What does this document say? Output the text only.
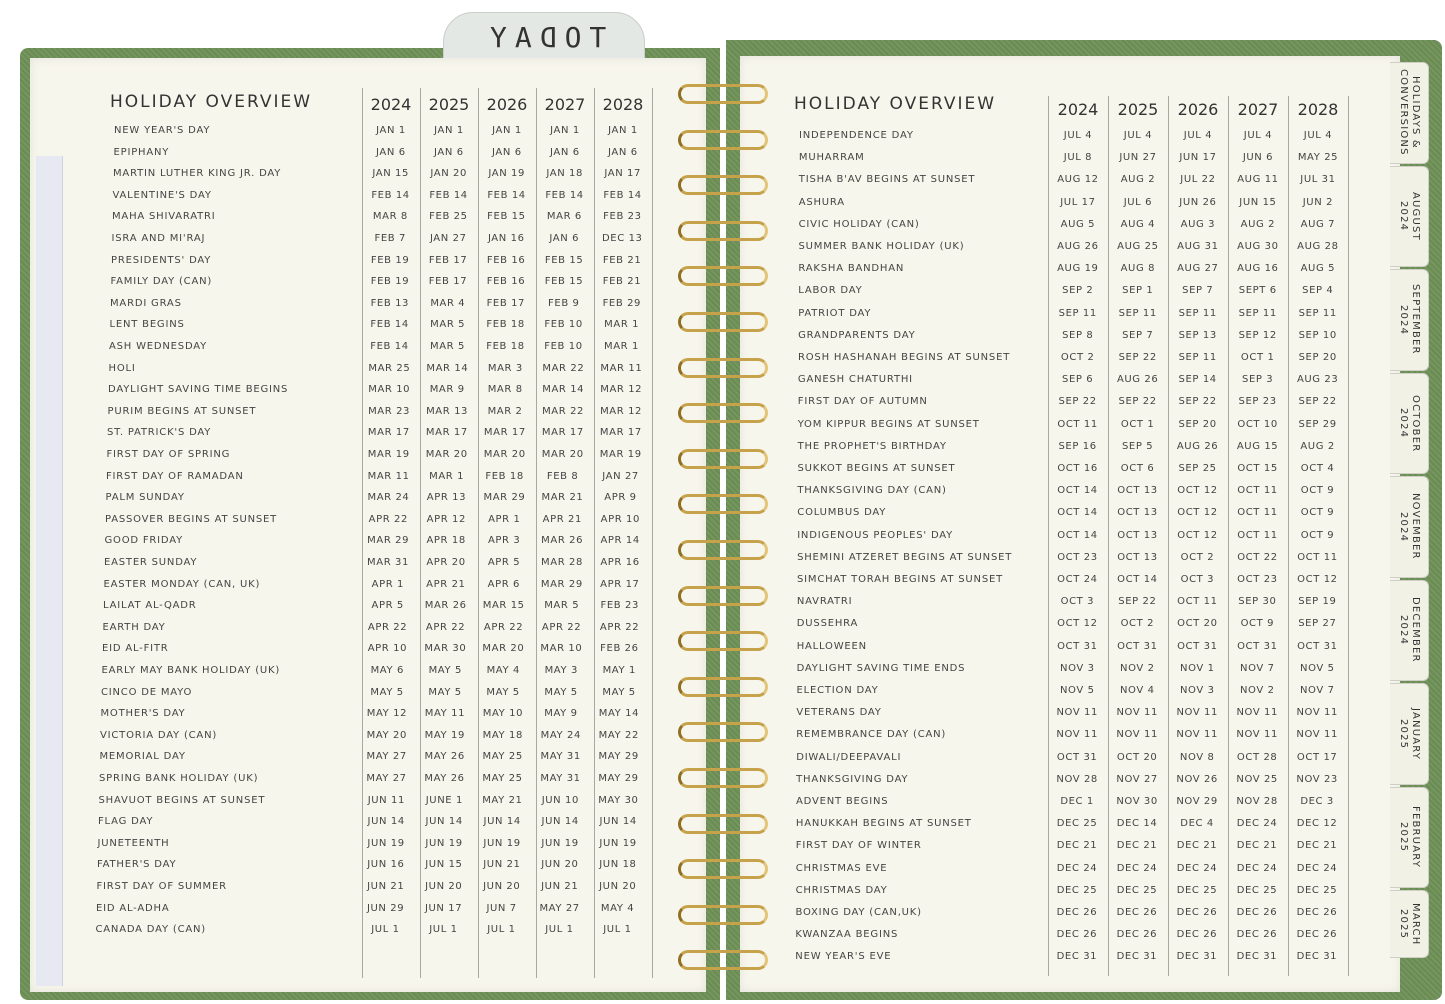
TODAY
HOLIDAY OVERVIEW	2024	2025	2026	2027	2028
NEW YEAR'S DAY	JAN 1	JAN 1	JAN 1	JAN 1	JAN 1
EPIPHANY	JAN 6	JAN 6	JAN 6	JAN 6	JAN 6
MARTIN LUTHER KING JR. DAY	JAN 15	JAN 20	JAN 19	JAN 18	JAN 17
VALENTINE'S DAY	FEB 14	FEB 14	FEB 14	FEB 14	FEB 14
MAHA SHIVARATRI	MAR 8	FEB 25	FEB 15	MAR 6	FEB 23
ISRA AND MI'RAJ	FEB 7	JAN 27	JAN 16	JAN 6	DEC 13
PRESIDENTS' DAY	FEB 19	FEB 17	FEB 16	FEB 15	FEB 21
FAMILY DAY (CAN)	FEB 19	FEB 17	FEB 16	FEB 15	FEB 21
MARDI GRAS	FEB 13	MAR 4	FEB 17	FEB 9	FEB 29
LENT BEGINS	FEB 14	MAR 5	FEB 18	FEB 10	MAR 1
ASH WEDNESDAY	FEB 14	MAR 5	FEB 18	FEB 10	MAR 1
HOLI	MAR 25	MAR 14	MAR 3	MAR 22	MAR 11
DAYLIGHT SAVING TIME BEGINS	MAR 10	MAR 9	MAR 8	MAR 14	MAR 12
PURIM BEGINS AT SUNSET	MAR 23	MAR 13	MAR 2	MAR 22	MAR 12
ST. PATRICK'S DAY	MAR 17	MAR 17	MAR 17	MAR 17	MAR 17
FIRST DAY OF SPRING	MAR 19	MAR 20	MAR 20	MAR 20	MAR 19
FIRST DAY OF RAMADAN	MAR 11	MAR 1	FEB 18	FEB 8	JAN 27
PALM SUNDAY	MAR 24	APR 13	MAR 29	MAR 21	APR 9
PASSOVER BEGINS AT SUNSET	APR 22	APR 12	APR 1	APR 21	APR 10
GOOD FRIDAY	MAR 29	APR 18	APR 3	MAR 26	APR 14
EASTER SUNDAY	MAR 31	APR 20	APR 5	MAR 28	APR 16
EASTER MONDAY (CAN, UK)	APR 1	APR 21	APR 6	MAR 29	APR 17
LAILAT AL-QADR	APR 5	MAR 26	MAR 15	MAR 5	FEB 23
EARTH DAY	APR 22	APR 22	APR 22	APR 22	APR 22
EID AL-FITR	APR 10	MAR 30	MAR 20	MAR 10	FEB 26
EARLY MAY BANK HOLIDAY (UK)	MAY 6	MAY 5	MAY 4	MAY 3	MAY 1
CINCO DE MAYO	MAY 5	MAY 5	MAY 5	MAY 5	MAY 5
MOTHER'S DAY	MAY 12	MAY 11	MAY 10	MAY 9	MAY 14
VICTORIA DAY (CAN)	MAY 20	MAY 19	MAY 18	MAY 24	MAY 22
MEMORIAL DAY	MAY 27	MAY 26	MAY 25	MAY 31	MAY 29
SPRING BANK HOLIDAY (UK)	MAY 27	MAY 26	MAY 25	MAY 31	MAY 29
SHAVUOT BEGINS AT SUNSET	JUN 11	JUNE 1	MAY 21	JUN 10	MAY 30
FLAG DAY	JUN 14	JUN 14	JUN 14	JUN 14	JUN 14
JUNETEENTH	JUN 19	JUN 19	JUN 19	JUN 19	JUN 19
FATHER'S DAY	JUN 16	JUN 15	JUN 21	JUN 20	JUN 18
FIRST DAY OF SUMMER	JUN 21	JUN 20	JUN 20	JUN 21	JUN 20
EID AL-ADHA	JUN 29	JUN 17	JUN 7	MAY 27	MAY 4
CANADA DAY (CAN)	JUL 1	JUL 1	JUL 1	JUL 1	JUL 1
HOLIDAY OVERVIEW	2024	2025	2026	2027	2028
INDEPENDENCE DAY	JUL 4	JUL 4	JUL 4	JUL 4	JUL 4
MUHARRAM	JUL 8	JUN 27	JUN 17	JUN 6	MAY 25
TISHA B'AV BEGINS AT SUNSET	AUG 12	AUG 2	JUL 22	AUG 11	JUL 31
ASHURA	JUL 17	JUL 6	JUN 26	JUN 15	JUN 2
CIVIC HOLIDAY (CAN)	AUG 5	AUG 4	AUG 3	AUG 2	AUG 7
SUMMER BANK HOLIDAY (UK)	AUG 26	AUG 25	AUG 31	AUG 30	AUG 28
RAKSHA BANDHAN	AUG 19	AUG 8	AUG 27	AUG 16	AUG 5
LABOR DAY	SEP 2	SEP 1	SEP 7	SEPT 6	SEP 4
PATRIOT DAY	SEP 11	SEP 11	SEP 11	SEP 11	SEP 11
GRANDPARENTS DAY	SEP 8	SEP 7	SEP 13	SEP 12	SEP 10
ROSH HASHANAH BEGINS AT SUNSET	OCT 2	SEP 22	SEP 11	OCT 1	SEP 20
GANESH CHATURTHI	SEP 6	AUG 26	SEP 14	SEP 3	AUG 23
FIRST DAY OF AUTUMN	SEP 22	SEP 22	SEP 22	SEP 23	SEP 22
YOM KIPPUR BEGINS AT SUNSET	OCT 11	OCT 1	SEP 20	OCT 10	SEP 29
THE PROPHET'S BIRTHDAY	SEP 16	SEP 5	AUG 26	AUG 15	AUG 2
SUKKOT BEGINS AT SUNSET	OCT 16	OCT 6	SEP 25	OCT 15	OCT 4
THANKSGIVING DAY (CAN)	OCT 14	OCT 13	OCT 12	OCT 11	OCT 9
COLUMBUS DAY	OCT 14	OCT 13	OCT 12	OCT 11	OCT 9
INDIGENOUS PEOPLES' DAY	OCT 14	OCT 13	OCT 12	OCT 11	OCT 9
SHEMINI ATZERET BEGINS AT SUNSET	OCT 23	OCT 13	OCT 2	OCT 22	OCT 11
SIMCHAT TORAH BEGINS AT SUNSET	OCT 24	OCT 14	OCT 3	OCT 23	OCT 12
NAVRATRI	OCT 3	SEP 22	OCT 11	SEP 30	SEP 19
DUSSEHRA	OCT 12	OCT 2	OCT 20	OCT 9	SEP 27
HALLOWEEN	OCT 31	OCT 31	OCT 31	OCT 31	OCT 31
DAYLIGHT SAVING TIME ENDS	NOV 3	NOV 2	NOV 1	NOV 7	NOV 5
ELECTION DAY	NOV 5	NOV 4	NOV 3	NOV 2	NOV 7
VETERANS DAY	NOV 11	NOV 11	NOV 11	NOV 11	NOV 11
REMEMBRANCE DAY (CAN)	NOV 11	NOV 11	NOV 11	NOV 11	NOV 11
DIWALI/DEEPAVALI	OCT 31	OCT 20	NOV 8	OCT 28	OCT 17
THANKSGIVING DAY	NOV 28	NOV 27	NOV 26	NOV 25	NOV 23
ADVENT BEGINS	DEC 1	NOV 30	NOV 29	NOV 28	DEC 3
HANUKKAH BEGINS AT SUNSET	DEC 25	DEC 14	DEC 4	DEC 24	DEC 12
FIRST DAY OF WINTER	DEC 21	DEC 21	DEC 21	DEC 21	DEC 21
CHRISTMAS EVE	DEC 24	DEC 24	DEC 24	DEC 24	DEC 24
CHRISTMAS DAY	DEC 25	DEC 25	DEC 25	DEC 25	DEC 25
BOXING DAY (CAN,UK)	DEC 26	DEC 26	DEC 26	DEC 26	DEC 26
KWANZAA BEGINS	DEC 26	DEC 26	DEC 26	DEC 26	DEC 26
NEW YEAR'S EVE	DEC 31	DEC 31	DEC 31	DEC 31	DEC 31
HOLIDAYS &
CONVERSIONS
AUGUST
2024
SEPTEMBER
2024
OCTOBER
2024
NOVEMBER
2024
DECEMBER
2024
JANUARY
2025
FEBRUARY
2025
MARCH
2025
